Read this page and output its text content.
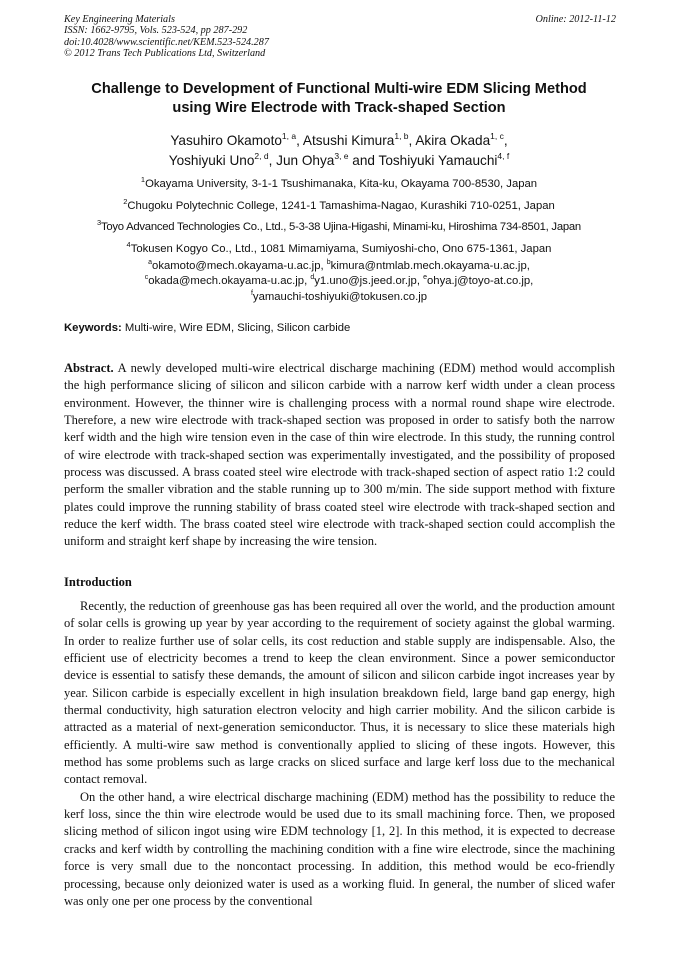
Key Engineering Materials
ISSN: 1662-9795, Vols. 523-524, pp 287-292
doi:10.4028/www.scientific.net/KEM.523-524.287
© 2012 Trans Tech Publications Ltd, Switzerland
Online: 2012-11-12
Challenge to Development of Functional Multi-wire EDM Slicing Method
using Wire Electrode with Track-shaped Section
Yasuhiro Okamoto$^{1, a}$, Atsushi Kimura$^{1, b}$, Akira Okada$^{1, c}$,
Yoshiyuki Uno$^{2, d}$, Jun Ohya$^{3, e}$ and Toshiyuki Yamauchi$^{4, f}$
$^1$Okayama University, 3-1-1 Tsushimanaka, Kita-ku, Okayama 700-8530, Japan
$^2$Chugoku Polytechnic College, 1241-1 Tamashima-Nagao, Kurashiki 710-0251, Japan
$^3$Toyo Advanced Technologies Co., Ltd., 5-3-38 Ujina-Higashi, Minami-ku, Hiroshima 734-8501, Japan
$^4$Tokusen Kogyo Co., Ltd., 1081 Mimamiyama, Sumiyoshi-cho, Ono 675-1361, Japan
$^a$okamoto@mech.okayama-u.ac.jp, $^b$kimura@ntmlab.mech.okayama-u.ac.jp,
$^c$okada@mech.okayama-u.ac.jp, $^d$y1.uno@js.jeed.or.jp, $^e$ohya.j@toyo-at.co.jp,
$^f$yamauchi-toshiyuki@tokusen.co.jp
Keywords: Multi-wire, Wire EDM, Slicing, Silicon carbide
Abstract. A newly developed multi-wire electrical discharge machining (EDM) method would accomplish the high performance slicing of silicon and silicon carbide with a narrow kerf width under a clean process environment. However, the thinner wire is challenging process with a normal round shape wire electrode. Therefore, a new wire electrode with track-shaped section was proposed in order to satisfy both the narrow kerf width and the high wire tension even in the case of thin wire electrode. In this study, the running control of wire electrode with track-shaped section was experimentally investigated, and the possibility of proposed process was discussed. A brass coated steel wire electrode with track-shaped section of aspect ratio 1:2 could perform the smaller vibration and the stable running up to 300 m/min. The side support method with fixture plates could improve the running stability of brass coated steel wire electrode with track-shaped section and reduce the kerf width. The brass coated steel wire electrode with track-shaped section could accomplish the uniform and straight kerf shape by increasing the wire tension.
Introduction

Recently, the reduction of greenhouse gas has been required all over the world, and the production amount of solar cells is growing up year by year according to the requirement of society against the global warming. In order to realize further use of solar cells, its cost reduction and stable supply are indispensable. Also, the efficient use of electricity becomes a trend to keep the clean environment. Since a power semiconductor device is essential to satisfy these demands, the amount of silicon and silicon carbide ingot increases year by year. Silicon carbide is especially excellent in high insulation breakdown field, large band gap energy, high thermal conductivity, high saturation electron velocity and high carrier mobility. And the silicon carbide is attracted as a material of next-generation semiconductor. Thus, it is necessary to slice these materials high efficiently. A multi-wire saw method is conventionally applied to slicing of these ingots. However, this method has some problems such as large cracks on sliced surface and large kerf loss due to the mechanical contact removal.

On the other hand, a wire electrical discharge machining (EDM) method has the possibility to reduce the kerf loss, since the thin wire electrode would be used due to its small machining force. Then, we proposed slicing method of silicon ingot using wire EDM technology [1, 2]. In this method, it is expected to decrease cracks and kerf width by controlling the machining condition with a fine wire electrode, since the machining force is very small due to the noncontact processing. In addition, this method would be eco-friendly processing, because only deionized water is used as a working fluid. In general, the number of sliced wafer was only one per one process by the conventional
